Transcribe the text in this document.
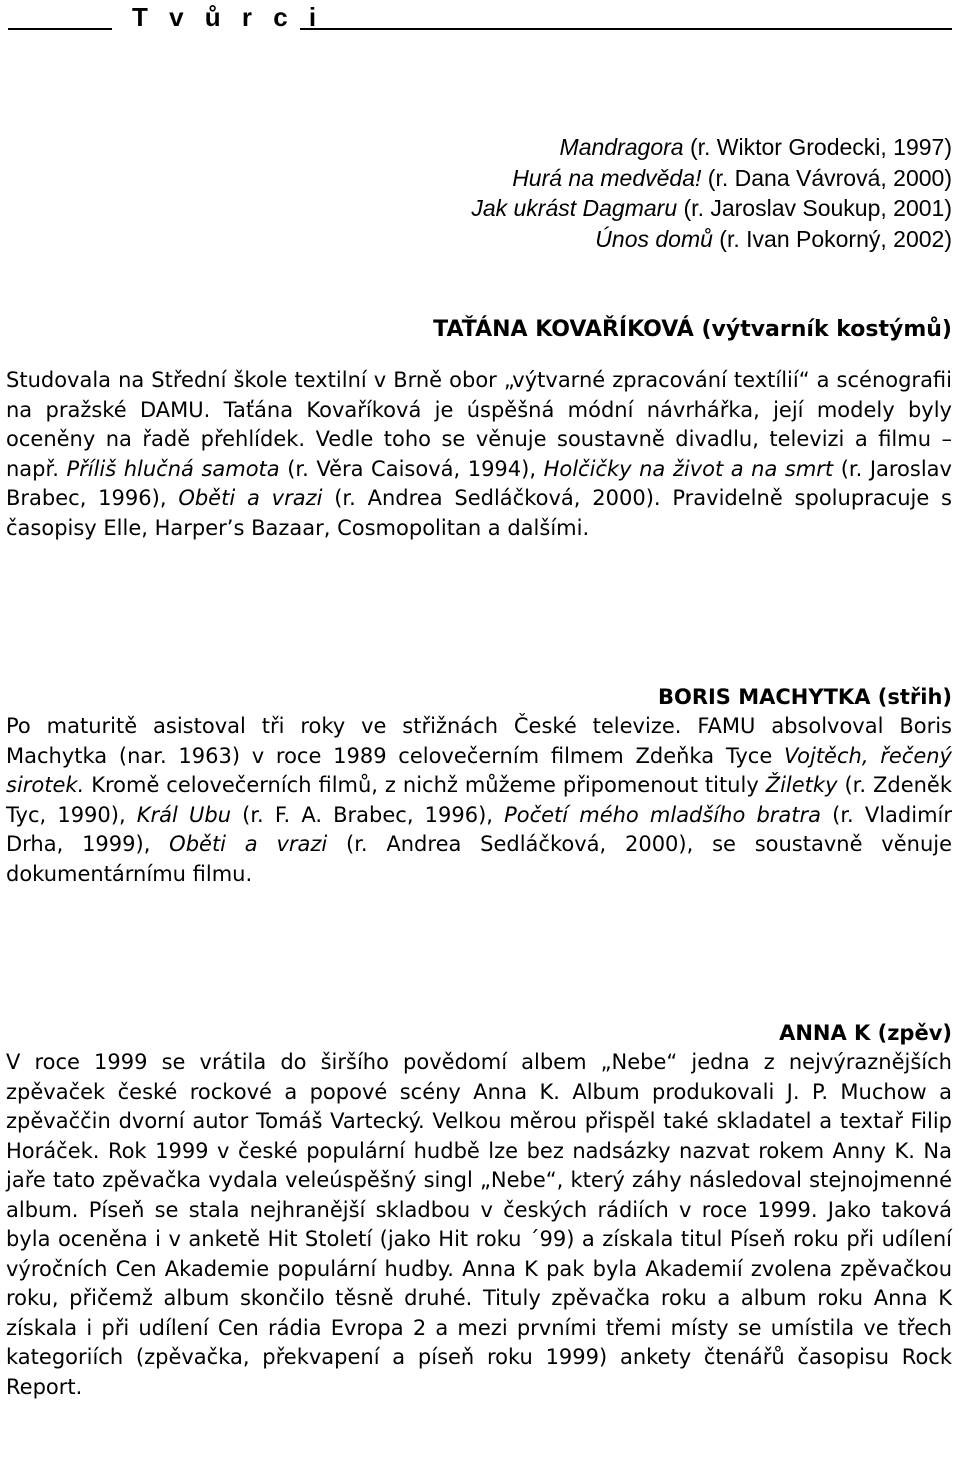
T v ů r c i
Mandragora (r. Wiktor Grodecki, 1997)
Hurá na medvěda! (r. Dana Vávrová, 2000)
Jak ukrást Dagmaru (r. Jaroslav Soukup, 2001)
Únos domů (r. Ivan Pokorný, 2002)
TAŤÁNA KOVAŘÍKOVÁ (výtvarník kostýmů)
Studovala na Střední škole textilní v Brně obor „výtvarné zpracování textílií“ a scénografii na pražské DAMU. Taťána Kovaříková je úspěšná módní návrhářka, její modely byly oceněny na řadě přehlídek. Vedle toho se věnuje soustavně divadlu, televizi a filmu – např. Příliš hlučná samota (r. Věra Caisová, 1994), Holčičky na život a na smrt (r. Jaroslav Brabec, 1996), Oběti a vrazi (r. Andrea Sedláčková, 2000). Pravidelně spolupracuje s časopisy Elle, Harper’s Bazaar, Cosmopolitan a dalšími.
BORIS MACHYTKA (střih)
Po maturitě asistoval tři roky ve střižnách České televize. FAMU absolvoval Boris Machytka (nar. 1963) v roce 1989 celovečerním filmem Zdeňka Tyce Vojtěch, řečený sirotek. Kromě celovečerních filmů, z nichž můžeme připomenout tituly Žiletky (r. Zdeněk Tyc, 1990), Král Ubu (r. F. A. Brabec, 1996), Početí mého mladšího bratra (r. Vladimír Drha, 1999), Oběti a vrazi (r. Andrea Sedláčková, 2000), se soustavně věnuje dokumentárnímu filmu.
ANNA K (zpěv)
V roce 1999 se vrátila do širšího povědomí albem „Nebe“ jedna z nejvýraznějších zpěvaček české rockové a popové scény Anna K. Album produkovali J. P. Muchow a zpěvaččin dvorní autor Tomáš Vartecký. Velkou měrou přispěl také skladatel a textař Filip Horáček. Rok 1999 v české populární hudbě lze bez nadsázky nazvat rokem Anny K. Na jaře tato zpěvačka vydala veleúspěšný singl „Nebe“, který záhy následoval stejnojmenné album. Píseň se stala nejhranější skladbou v českých rádiích v roce 1999. Jako taková byla oceněna i v anketě Hit Století (jako Hit roku ´99) a získala titul Píseň roku při udílení výročních Cen Akademie populární hudby. Anna K pak byla Akademií zvolena zpěvačkou roku, přičemž album skončilo těsně druhé. Tituly zpěvačka roku a album roku Anna K získala i při udílení Cen rádia Evropa 2 a mezi prvními třemi místy se umístila ve třech kategoriích (zpěvačka, překvapení a píseň roku 1999) ankety čtenářů časopisu Rock Report.
